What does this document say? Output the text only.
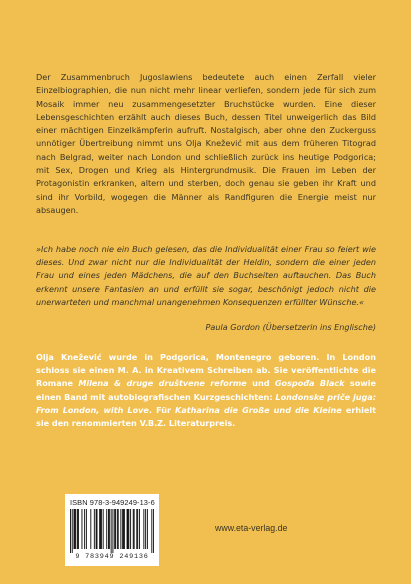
Der Zusammenbruch Jugoslawiens bedeutete auch einen Zerfall vieler Einzelbiographien, die nun nicht mehr linear verliefen, sondern jede für sich zum Mosaik immer neu zusammengesetzter Bruchstücke wurden. Eine dieser Lebensgeschichten erzählt auch dieses Buch, dessen Titel unweigerlich das Bild einer mächtigen Einzelkämpferin aufruft. Nostalgisch, aber ohne den Zuckerguss unnötiger Übertreibung nimmt uns Olja Knežević mit aus dem früheren Titograd nach Belgrad, weiter nach London und schließlich zurück ins heutige Podgorica; mit Sex, Drogen und Krieg als Hintergrundmusik. Die Frauen im Leben der Protagonistin erkranken, altern und sterben, doch genau sie geben ihr Kraft und sind ihr Vorbild, wogegen die Männer als Randfiguren die Energie meist nur absaugen.

»Ich habe noch nie ein Buch gelesen, das die Individualität einer Frau so feiert wie dieses. Und zwar nicht nur die Individualität der Heldin, sondern die einer jeden Frau und eines jeden Mädchens, die auf den Buchseiten auftauchen. Das Buch erkennt unsere Fantasien an und erfüllt sie sogar, beschönigt jedoch nicht die unerwarteten und manchmal unangenehmen Konsequenzen erfüllter Wünsche.«

Paula Gordon (Übersetzerin ins Englische)

Olja Knežević wurde in Podgorica, Montenegro geboren. In London schloss sie einen M. A. in Kreativem Schreiben ab. Sie veröffentlichte die Romane Milena & druge društvene reforme und Gospođa Black sowie einen Band mit autobiografischen Kurzgeschichten: Londonske priče juga: From London, with Love. Für Katharina die Große und die Kleine erhielt sie den renommierten V.B.Z. Literaturpreis.

ISBN 978-3-949249-13-6
9 783949 249136
www.eta-verlag.de
